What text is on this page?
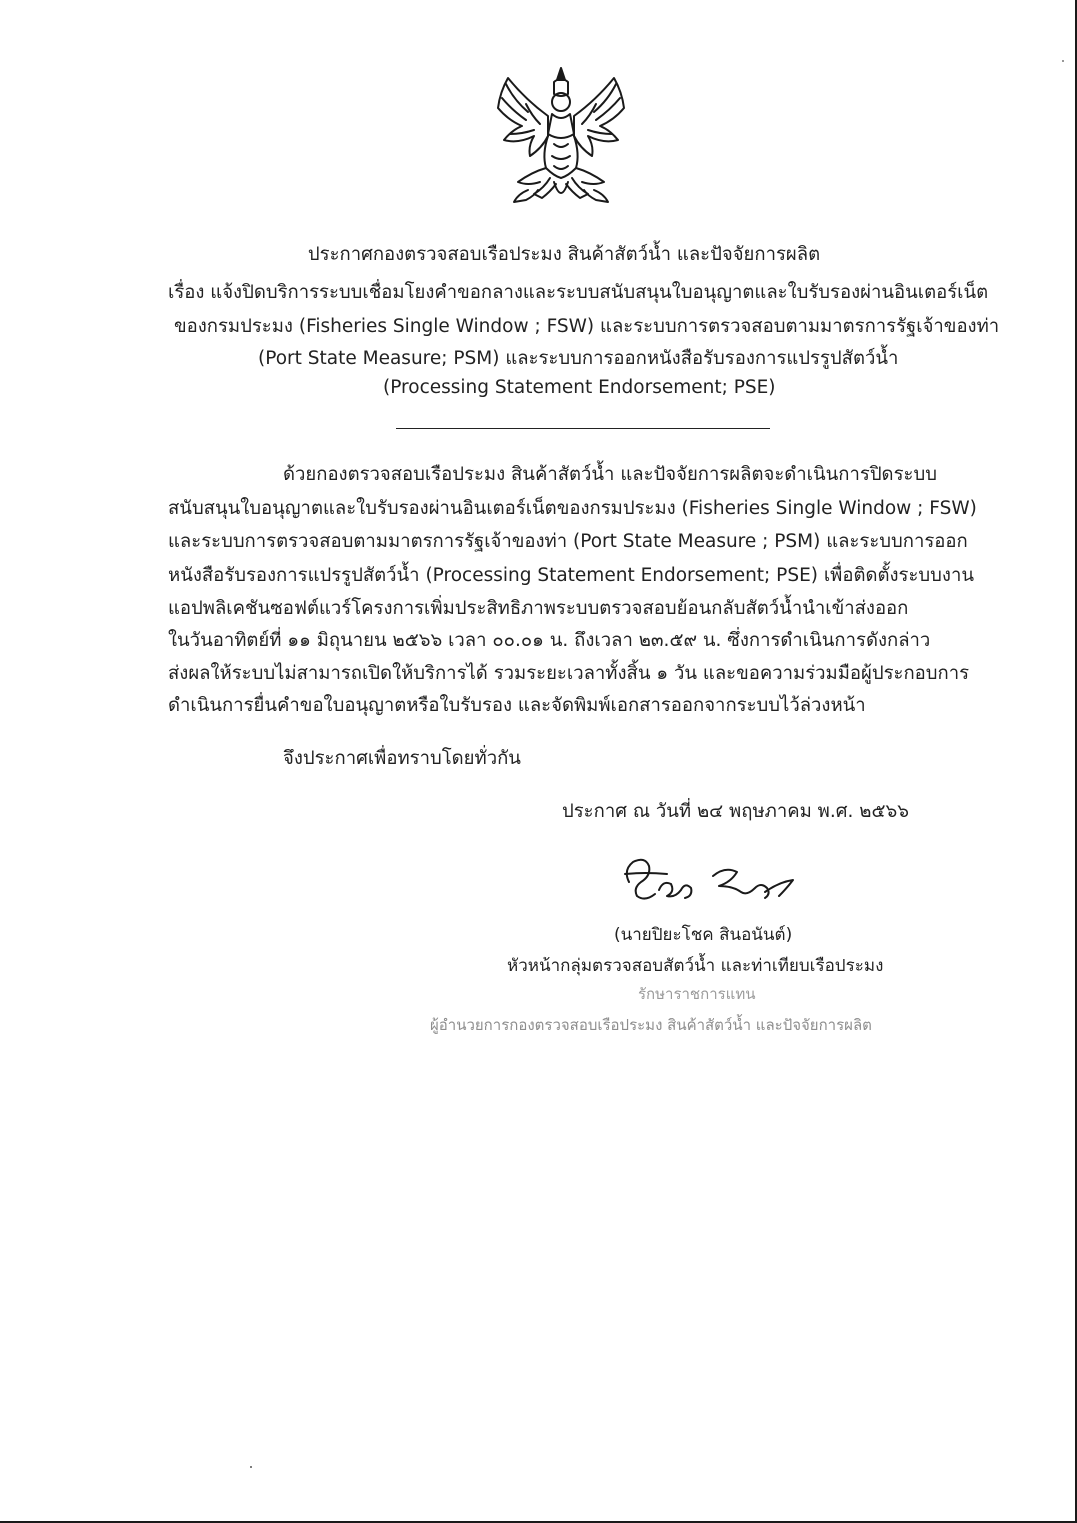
ประกาศกองตรวจสอบเรือประมง สินค้าสัตว์น้ำ และปัจจัยการผลิต
เรื่อง แจ้งปิดบริการระบบเชื่อมโยงคำขอกลางและระบบสนับสนุนใบอนุญาตและใบรับรองผ่านอินเตอร์เน็ต
ของกรมประมง (Fisheries Single Window ; FSW) และระบบการตรวจสอบตามมาตรการรัฐเจ้าของท่า
(Port State Measure; PSM) และระบบการออกหนังสือรับรองการแปรรูปสัตว์น้ำ
(Processing Statement Endorsement; PSE)
ด้วยกองตรวจสอบเรือประมง สินค้าสัตว์น้ำ และปัจจัยการผลิตจะดำเนินการปิดระบบ
สนับสนุนใบอนุญาตและใบรับรองผ่านอินเตอร์เน็ตของกรมประมง (Fisheries Single Window ; FSW)
และระบบการตรวจสอบตามมาตรการรัฐเจ้าของท่า (Port State Measure ; PSM) และระบบการออก
หนังสือรับรองการแปรรูปสัตว์น้ำ (Processing Statement Endorsement; PSE) เพื่อติดตั้งระบบงาน
แอปพลิเคชันซอฟต์แวร์โครงการเพิ่มประสิทธิภาพระบบตรวจสอบย้อนกลับสัตว์น้ำนำเข้าส่งออก
ในวันอาทิตย์ที่ ๑๑ มิถุนายน ๒๕๖๖ เวลา ๐๐.๐๑ น. ถึงเวลา ๒๓.๕๙ น. ซึ่งการดำเนินการดังกล่าว
ส่งผลให้ระบบไม่สามารถเปิดให้บริการได้ รวมระยะเวลาทั้งสิ้น ๑ วัน และขอความร่วมมือผู้ประกอบการ
ดำเนินการยื่นคำขอใบอนุญาตหรือใบรับรอง และจัดพิมพ์เอกสารออกจากระบบไว้ล่วงหน้า
จึงประกาศเพื่อทราบโดยทั่วกัน
ประกาศ ณ วันที่ ๒๔ พฤษภาคม พ.ศ. ๒๕๖๖
(นายปิยะโชค สินอนันต์)
หัวหน้ากลุ่มตรวจสอบสัตว์น้ำ และท่าเทียบเรือประมง
รักษาราชการแทน
ผู้อำนวยการกองตรวจสอบเรือประมง สินค้าสัตว์น้ำ และปัจจัยการผลิต
